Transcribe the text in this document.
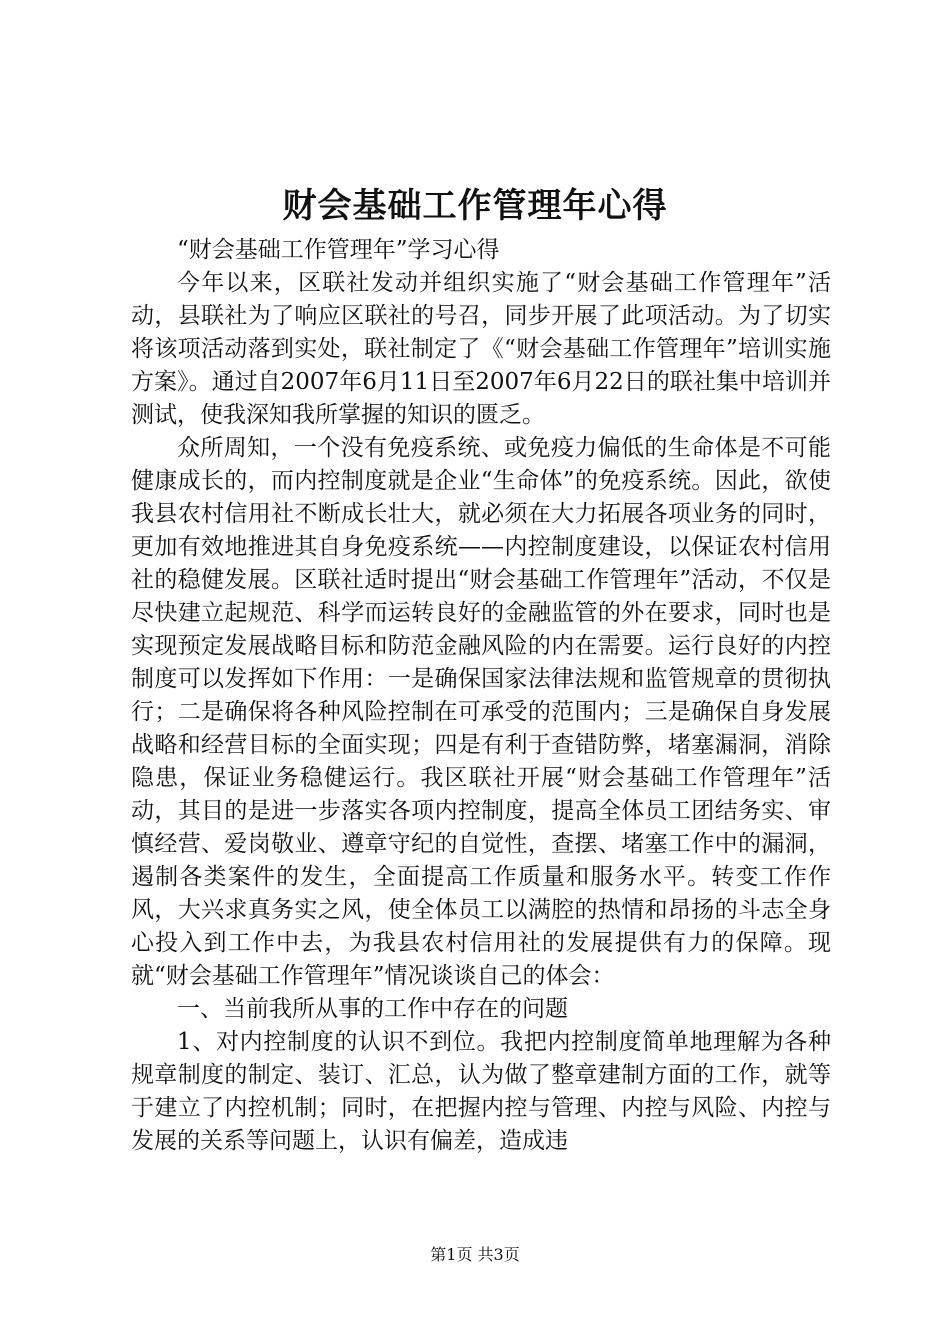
财会基础工作管理年心得

“财会基础工作管理年”学习心得

今年以来，区联社发动并组织实施了“财会基础工作管理年”活动，县联社为了响应区联社的号召，同步开展了此项活动。为了切实将该项活动落到实处，联社制定了《“财会基础工作管理年”培训实施方案》。通过自2007年6月11日至2007年6月22日的联社集中培训并测试，使我深知我所掌握的知识的匮乏。

众所周知，一个没有免疫系统、或免疫力偏低的生命体是不可能健康成长的，而内控制度就是企业“生命体”的免疫系统。因此，欲使我县农村信用社不断成长壮大，就必须在大力拓展各项业务的同时，更加有效地推进其自身免疫系统——内控制度建设，以保证农村信用社的稳健发展。区联社适时提出“财会基础工作管理年”活动，不仅是尽快建立起规范、科学而运转良好的金融监管的外在要求，同时也是实现预定发展战略目标和防范金融风险的内在需要。运行良好的内控制度可以发挥如下作用：一是确保国家法律法规和监管规章的贯彻执行；二是确保将各种风险控制在可承受的范围内；三是确保自身发展战略和经营目标的全面实现；四是有利于查错防弊，堵塞漏洞，消除隐患，保证业务稳健运行。我区联社开展“财会基础工作管理年”活动，其目的是进一步落实各项内控制度，提高全体员工团结务实、审慎经营、爱岗敬业、遵章守纪的自觉性，查摆、堵塞工作中的漏洞，遏制各类案件的发生，全面提高工作质量和服务水平。转变工作作风，大兴求真务实之风，使全体员工以满腔的热情和昂扬的斗志全身心投入到工作中去，为我县农村信用社的发展提供有力的保障。现就“财会基础工作管理年”情况谈谈自己的体会：

一、当前我所从事的工作中存在的问题

1、对内控制度的认识不到位。我把内控制度简单地理解为各种规章制度的制定、装订、汇总，认为做了整章建制方面的工作，就等于建立了内控机制；同时，在把握内控与管理、内控与风险、内控与发展的关系等问题上，认识有偏差，造成违

第1页 共3页
